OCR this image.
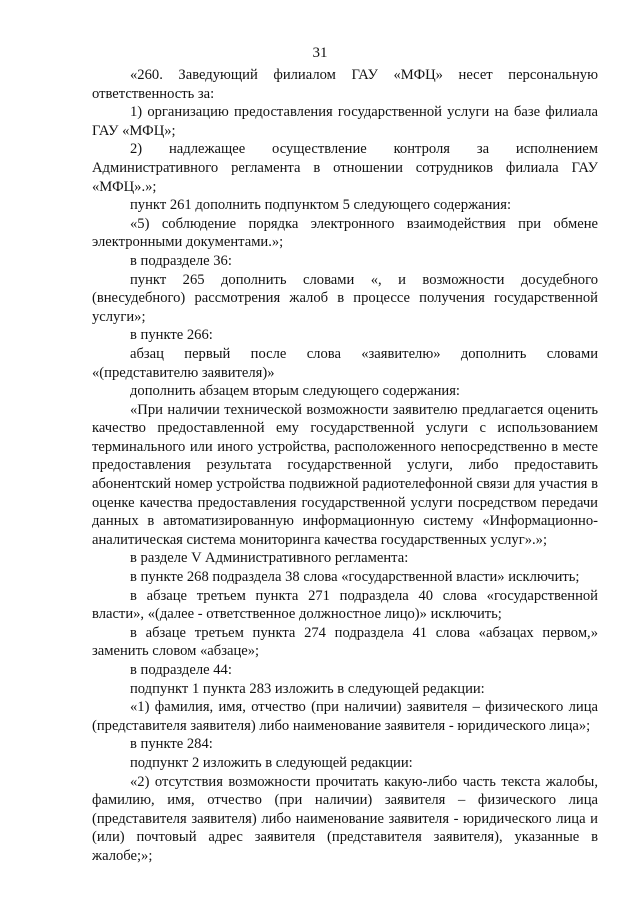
31

«260. Заведующий филиалом ГАУ «МФЦ» несет персональную ответственность за:

1) организацию предоставления государственной услуги на базе филиала ГАУ «МФЦ»;

2) надлежащее осуществление контроля за исполнением Административного регламента в отношении сотрудников филиала ГАУ «МФЦ».»;

пункт 261 дополнить подпунктом 5 следующего содержания:

«5) соблюдение порядка электронного взаимодействия при обмене электронными документами.»;

в подразделе 36:

пункт 265 дополнить словами «, и возможности досудебного (внесудебного) рассмотрения жалоб в процессе получения государственной услуги»;

в пункте 266:

абзац первый после слова «заявителю» дополнить словами «(представителю заявителя)»

дополнить абзацем вторым следующего содержания:

«При наличии технической возможности заявителю предлагается оценить качество предоставленной ему государственной услуги с использованием терминального или иного устройства, расположенного непосредственно в месте предоставления результата государственной услуги, либо предоставить абонентский номер устройства подвижной радиотелефонной связи для участия в оценке качества предоставления государственной услуги посредством передачи данных в автоматизированную информационную систему «Информационно-аналитическая система мониторинга качества государственных услуг».»;

в разделе V Административного регламента:

в пункте 268 подраздела 38 слова «государственной власти» исключить;

в абзаце третьем пункта 271 подраздела 40 слова «государственной власти», «(далее - ответственное должностное лицо)» исключить;

в абзаце третьем пункта 274 подраздела 41 слова «абзацах первом,» заменить словом «абзаце»;

в подразделе 44:

подпункт 1 пункта 283 изложить в следующей редакции:

«1) фамилия, имя, отчество (при наличии) заявителя – физического лица (представителя заявителя) либо наименование заявителя - юридического лица»;

в пункте 284:

подпункт 2 изложить в следующей редакции:

«2) отсутствия возможности прочитать какую-либо часть текста жалобы, фамилию, имя, отчество (при наличии) заявителя – физического лица (представителя заявителя) либо наименование заявителя - юридического лица и (или) почтовый адрес заявителя (представителя заявителя), указанные в жалобе;»;
